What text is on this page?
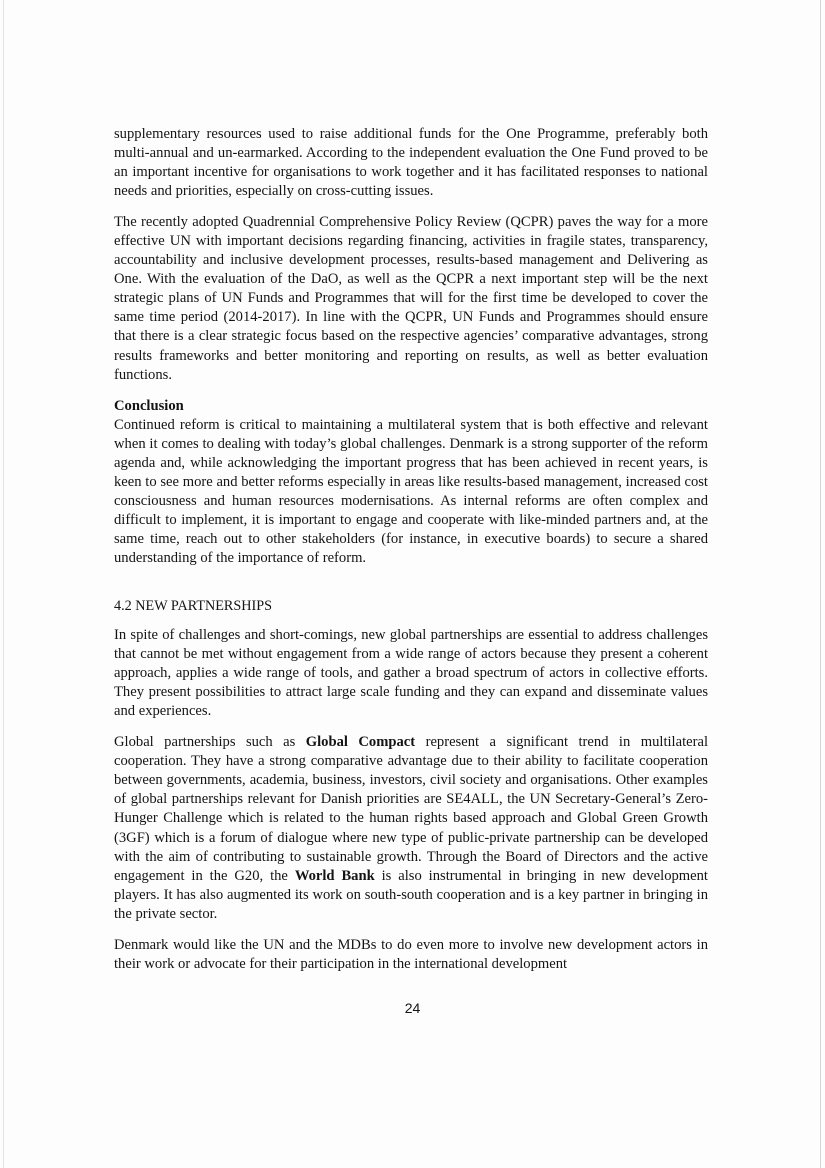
supplementary resources used to raise additional funds for the One Programme, preferably both multi-annual and un-earmarked. According to the independent evaluation the One Fund proved to be an important incentive for organisations to work together and it has facilitated responses to national needs and priorities, especially on cross-cutting issues.

The recently adopted Quadrennial Comprehensive Policy Review (QCPR) paves the way for a more effective UN with important decisions regarding financing, activities in fragile states, transparency, accountability and inclusive development processes, results-based management and Delivering as One. With the evaluation of the DaO, as well as the QCPR a next important step will be the next strategic plans of UN Funds and Programmes that will for the first time be developed to cover the same time period (2014-2017). In line with the QCPR, UN Funds and Programmes should ensure that there is a clear strategic focus based on the respective agencies’ comparative advantages, strong results frameworks and better monitoring and reporting on results, as well as better evaluation functions.

Conclusion

Continued reform is critical to maintaining a multilateral system that is both effective and relevant when it comes to dealing with today’s global challenges. Denmark is a strong supporter of the reform agenda and, while acknowledging the important progress that has been achieved in recent years, is keen to see more and better reforms especially in areas like results-based management, increased cost consciousness and human resources modernisations. As internal reforms are often complex and difficult to implement, it is important to engage and cooperate with like-minded partners and, at the same time, reach out to other stakeholders (for instance, in executive boards) to secure a shared understanding of the importance of reform.

4.2 NEW PARTNERSHIPS

In spite of challenges and short-comings, new global partnerships are essential to address challenges that cannot be met without engagement from a wide range of actors because they present a coherent approach, applies a wide range of tools, and gather a broad spectrum of actors in collective efforts. They present possibilities to attract large scale funding and they can expand and disseminate values and experiences.

Global partnerships such as Global Compact represent a significant trend in multilateral cooperation. They have a strong comparative advantage due to their ability to facilitate cooperation between governments, academia, business, investors, civil society and organisations. Other examples of global partnerships relevant for Danish priorities are SE4ALL, the UN Secretary-General’s Zero-Hunger Challenge which is related to the human rights based approach and Global Green Growth (3GF) which is a forum of dialogue where new type of public-private partnership can be developed with the aim of contributing to sustainable growth. Through the Board of Directors and the active engagement in the G20, the World Bank is also instrumental in bringing in new development players. It has also augmented its work on south-south cooperation and is a key partner in bringing in the private sector.

Denmark would like the UN and the MDBs to do even more to involve new development actors in their work or advocate for their participation in the international development

24
